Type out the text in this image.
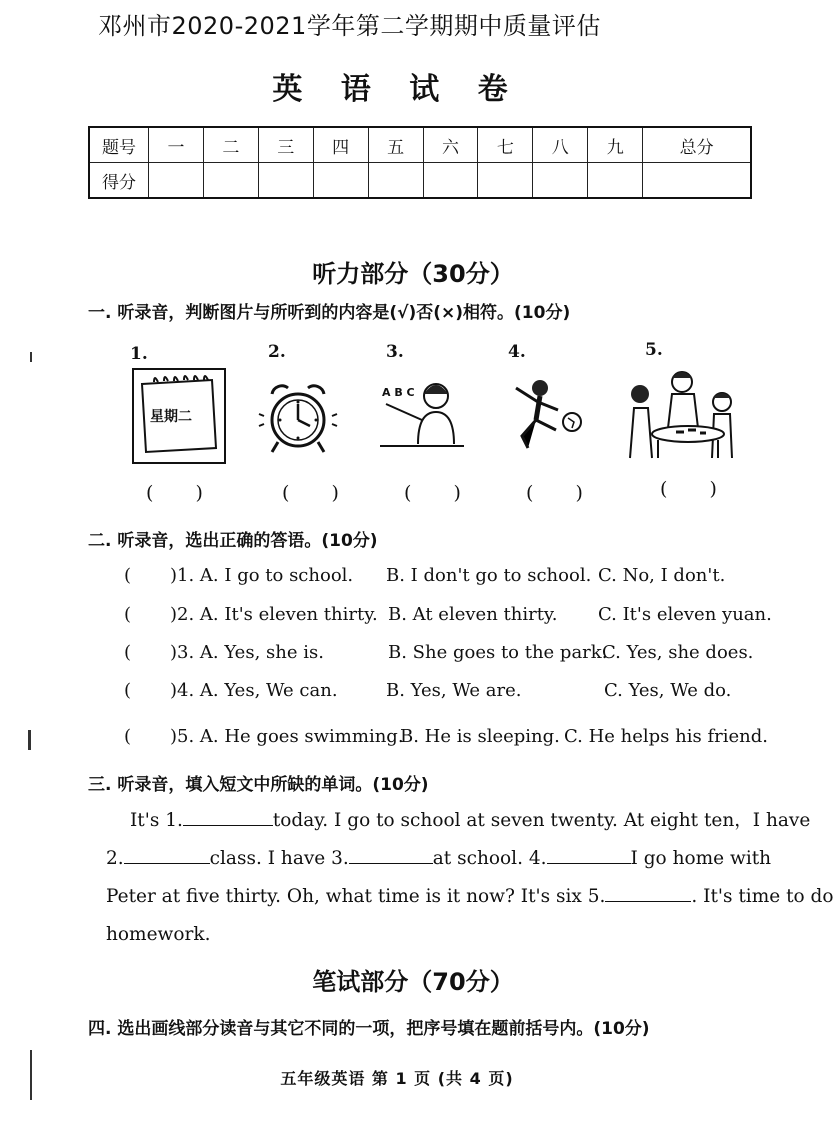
邓州市2020-2021学年第二学期期中质量评估
英 语 试 卷
题号	一	二	三	四	五	六	七	八	九	总分
得分										
听力部分（30分）
一. 听录音，判断图片与所听到的内容是(√)否(×)相符。(10分)
1.	2.	3.	4.	5.
星期二
A B C
( )	( ) ( ) ( )	( )
二. 听录音，选出正确的答语。(10分)
( )1. A. I go to school. B. I don't go to school. C. No, I don't.
( )2. A. It's eleven thirty. B. At eleven thirty. C. It's eleven yuan.
( )3. A. Yes, she is.	B. She goes to the park.
C. Yes, she does.
( )4. A. Yes, We can.	B. Yes, We are.	C. Yes, We do.
( )5. A. He goes swimming.
B. He is sleeping. C. He helps his friend.
三. 听录音，填入短文中所缺的单词。(10分)
It's 1.	today. I go to school at seven twenty. At eight ten，I have
2.	class. I have 3.	at school. 4.	I go home with
Peter at five thirty. Oh, what time is it now? It's six 5.	. It's time to do
homework.
笔试部分（70分）
四. 选出画线部分读音与其它不同的一项，把序号填在题前括号内。(10分)
五年级英语 第 1 页 (共 4 页)
